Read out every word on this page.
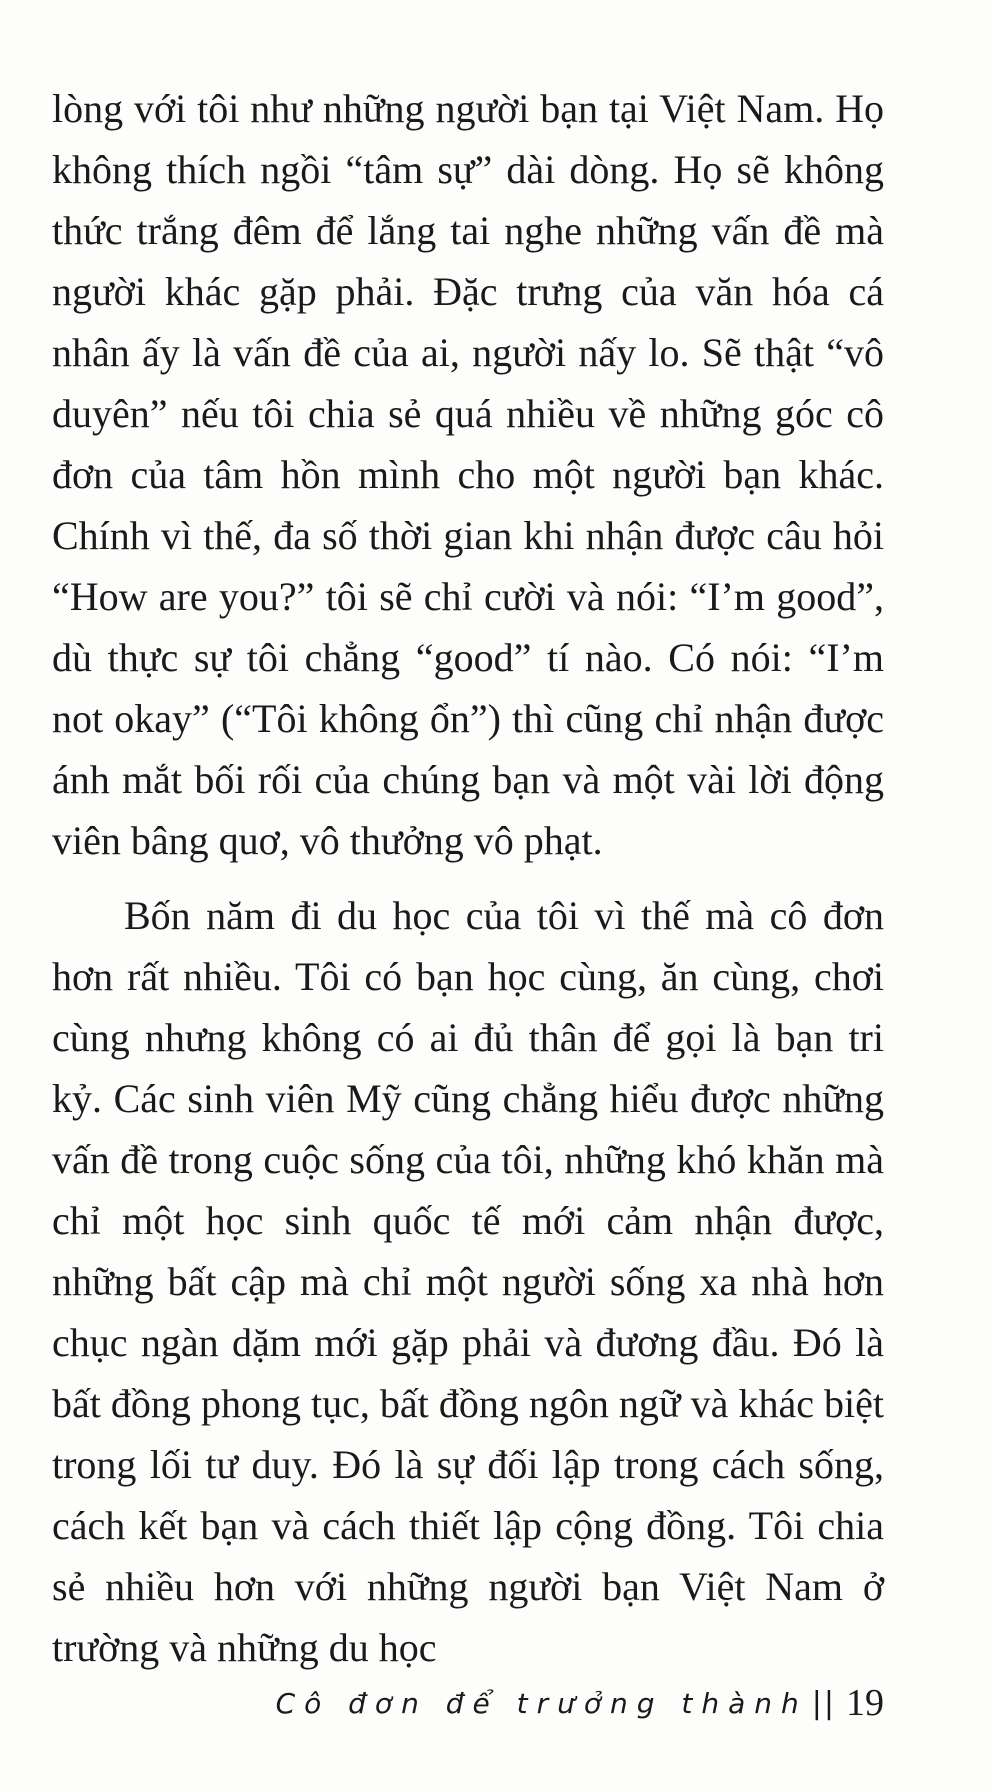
lòng với tôi như những người bạn tại Việt Nam. Họ không thích ngồi “tâm sự” dài dòng. Họ sẽ không thức trắng đêm để lắng tai nghe những vấn đề mà người khác gặp phải. Đặc trưng của văn hóa cá nhân ấy là vấn đề của ai, người nấy lo. Sẽ thật “vô duyên” nếu tôi chia sẻ quá nhiều về những góc cô đơn của tâm hồn mình cho một người bạn khác. Chính vì thế, đa số thời gian khi nhận được câu hỏi “How are you?” tôi sẽ chỉ cười và nói: “I’m good”, dù thực sự tôi chẳng “good” tí nào. Có nói: “I’m not okay” (“Tôi không ổn”) thì cũng chỉ nhận được ánh mắt bối rối của chúng bạn và một vài lời động viên bâng quơ, vô thưởng vô phạt.

Bốn năm đi du học của tôi vì thế mà cô đơn hơn rất nhiều. Tôi có bạn học cùng, ăn cùng, chơi cùng nhưng không có ai đủ thân để gọi là bạn tri kỷ. Các sinh viên Mỹ cũng chẳng hiểu được những vấn đề trong cuộc sống của tôi, những khó khăn mà chỉ một học sinh quốc tế mới cảm nhận được, những bất cập mà chỉ một người sống xa nhà hơn chục ngàn dặm mới gặp phải và đương đầu. Đó là bất đồng phong tục, bất đồng ngôn ngữ và khác biệt trong lối tư duy. Đó là sự đối lập trong cách sống, cách kết bạn và cách thiết lập cộng đồng. Tôi chia sẻ nhiều hơn với những người bạn Việt Nam ở trường và những du học

Cô đơn để trưởng thành || 19
